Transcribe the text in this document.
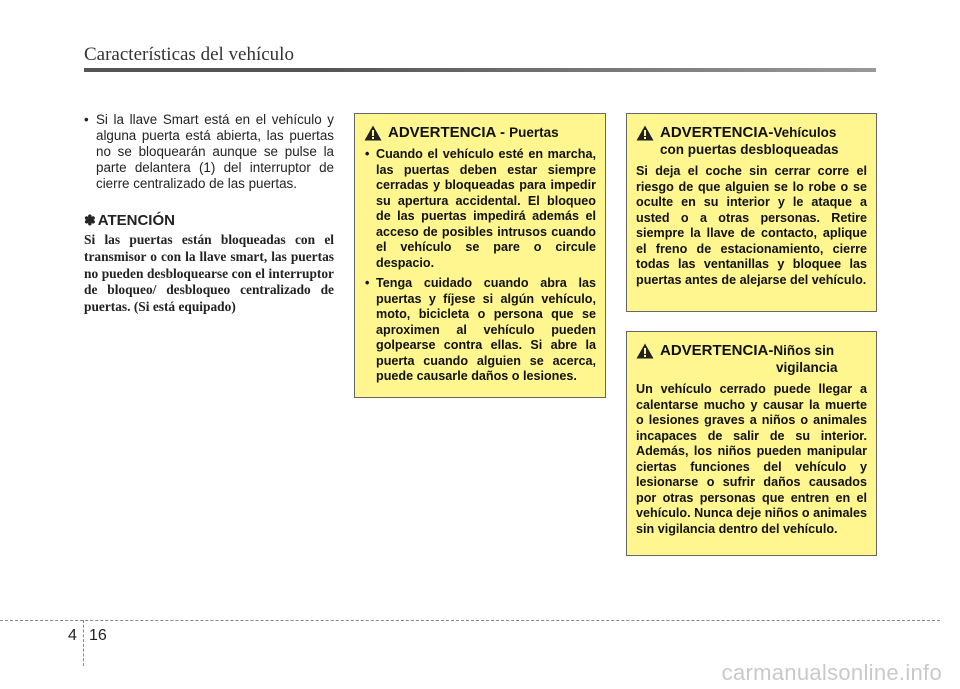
Características del vehículo
• Si la llave Smart está en el vehículo y alguna puerta está abierta, las puertas no se bloquearán aunque se pulse la parte delantera (1) del interruptor de cierre centralizado de las puertas.
✽ ATENCIÓN
Si las puertas están bloqueadas con el transmisor o con la llave smart, las puertas no pueden desbloquearse con el interruptor de bloqueo/ desbloqueo centralizado de puertas. (Si está equipado)
ADVERTENCIA - Puertas
• Cuando el vehículo esté en marcha, las puertas deben estar siempre cerradas y bloqueadas para impedir su apertura accidental. El bloqueo de las puertas impedirá además el acceso de posibles intrusos cuando el vehículo se pare o circule despacio.
• Tenga cuidado cuando abra las puertas y fíjese si algún vehículo, moto, bicicleta o persona que se aproximen al vehículo pueden golpearse contra ellas. Si abre la puerta cuando alguien se acerca, puede causarle daños o lesiones.
ADVERTENCIA-Vehículos
con puertas desbloqueadas
Si deja el coche sin cerrar corre el riesgo de que alguien se lo robe o se oculte en su interior y le ataque a usted o a otras personas. Retire siempre la llave de contacto, aplique el freno de estacionamiento, cierre todas las ventanillas y bloquee las puertas antes de alejarse del vehículo.
ADVERTENCIA-Niños sin
vigilancia
Un vehículo cerrado puede llegar a calentarse mucho y causar la muerte o lesiones graves a niños o animales incapaces de salir de su interior. Además, los niños pueden manipular ciertas funciones del vehículo y lesionarse o sufrir daños causados por otras personas que entren en el vehículo. Nunca deje niños o animales sin vigilancia dentro del vehículo.
4 16
carmanualsonline.info
